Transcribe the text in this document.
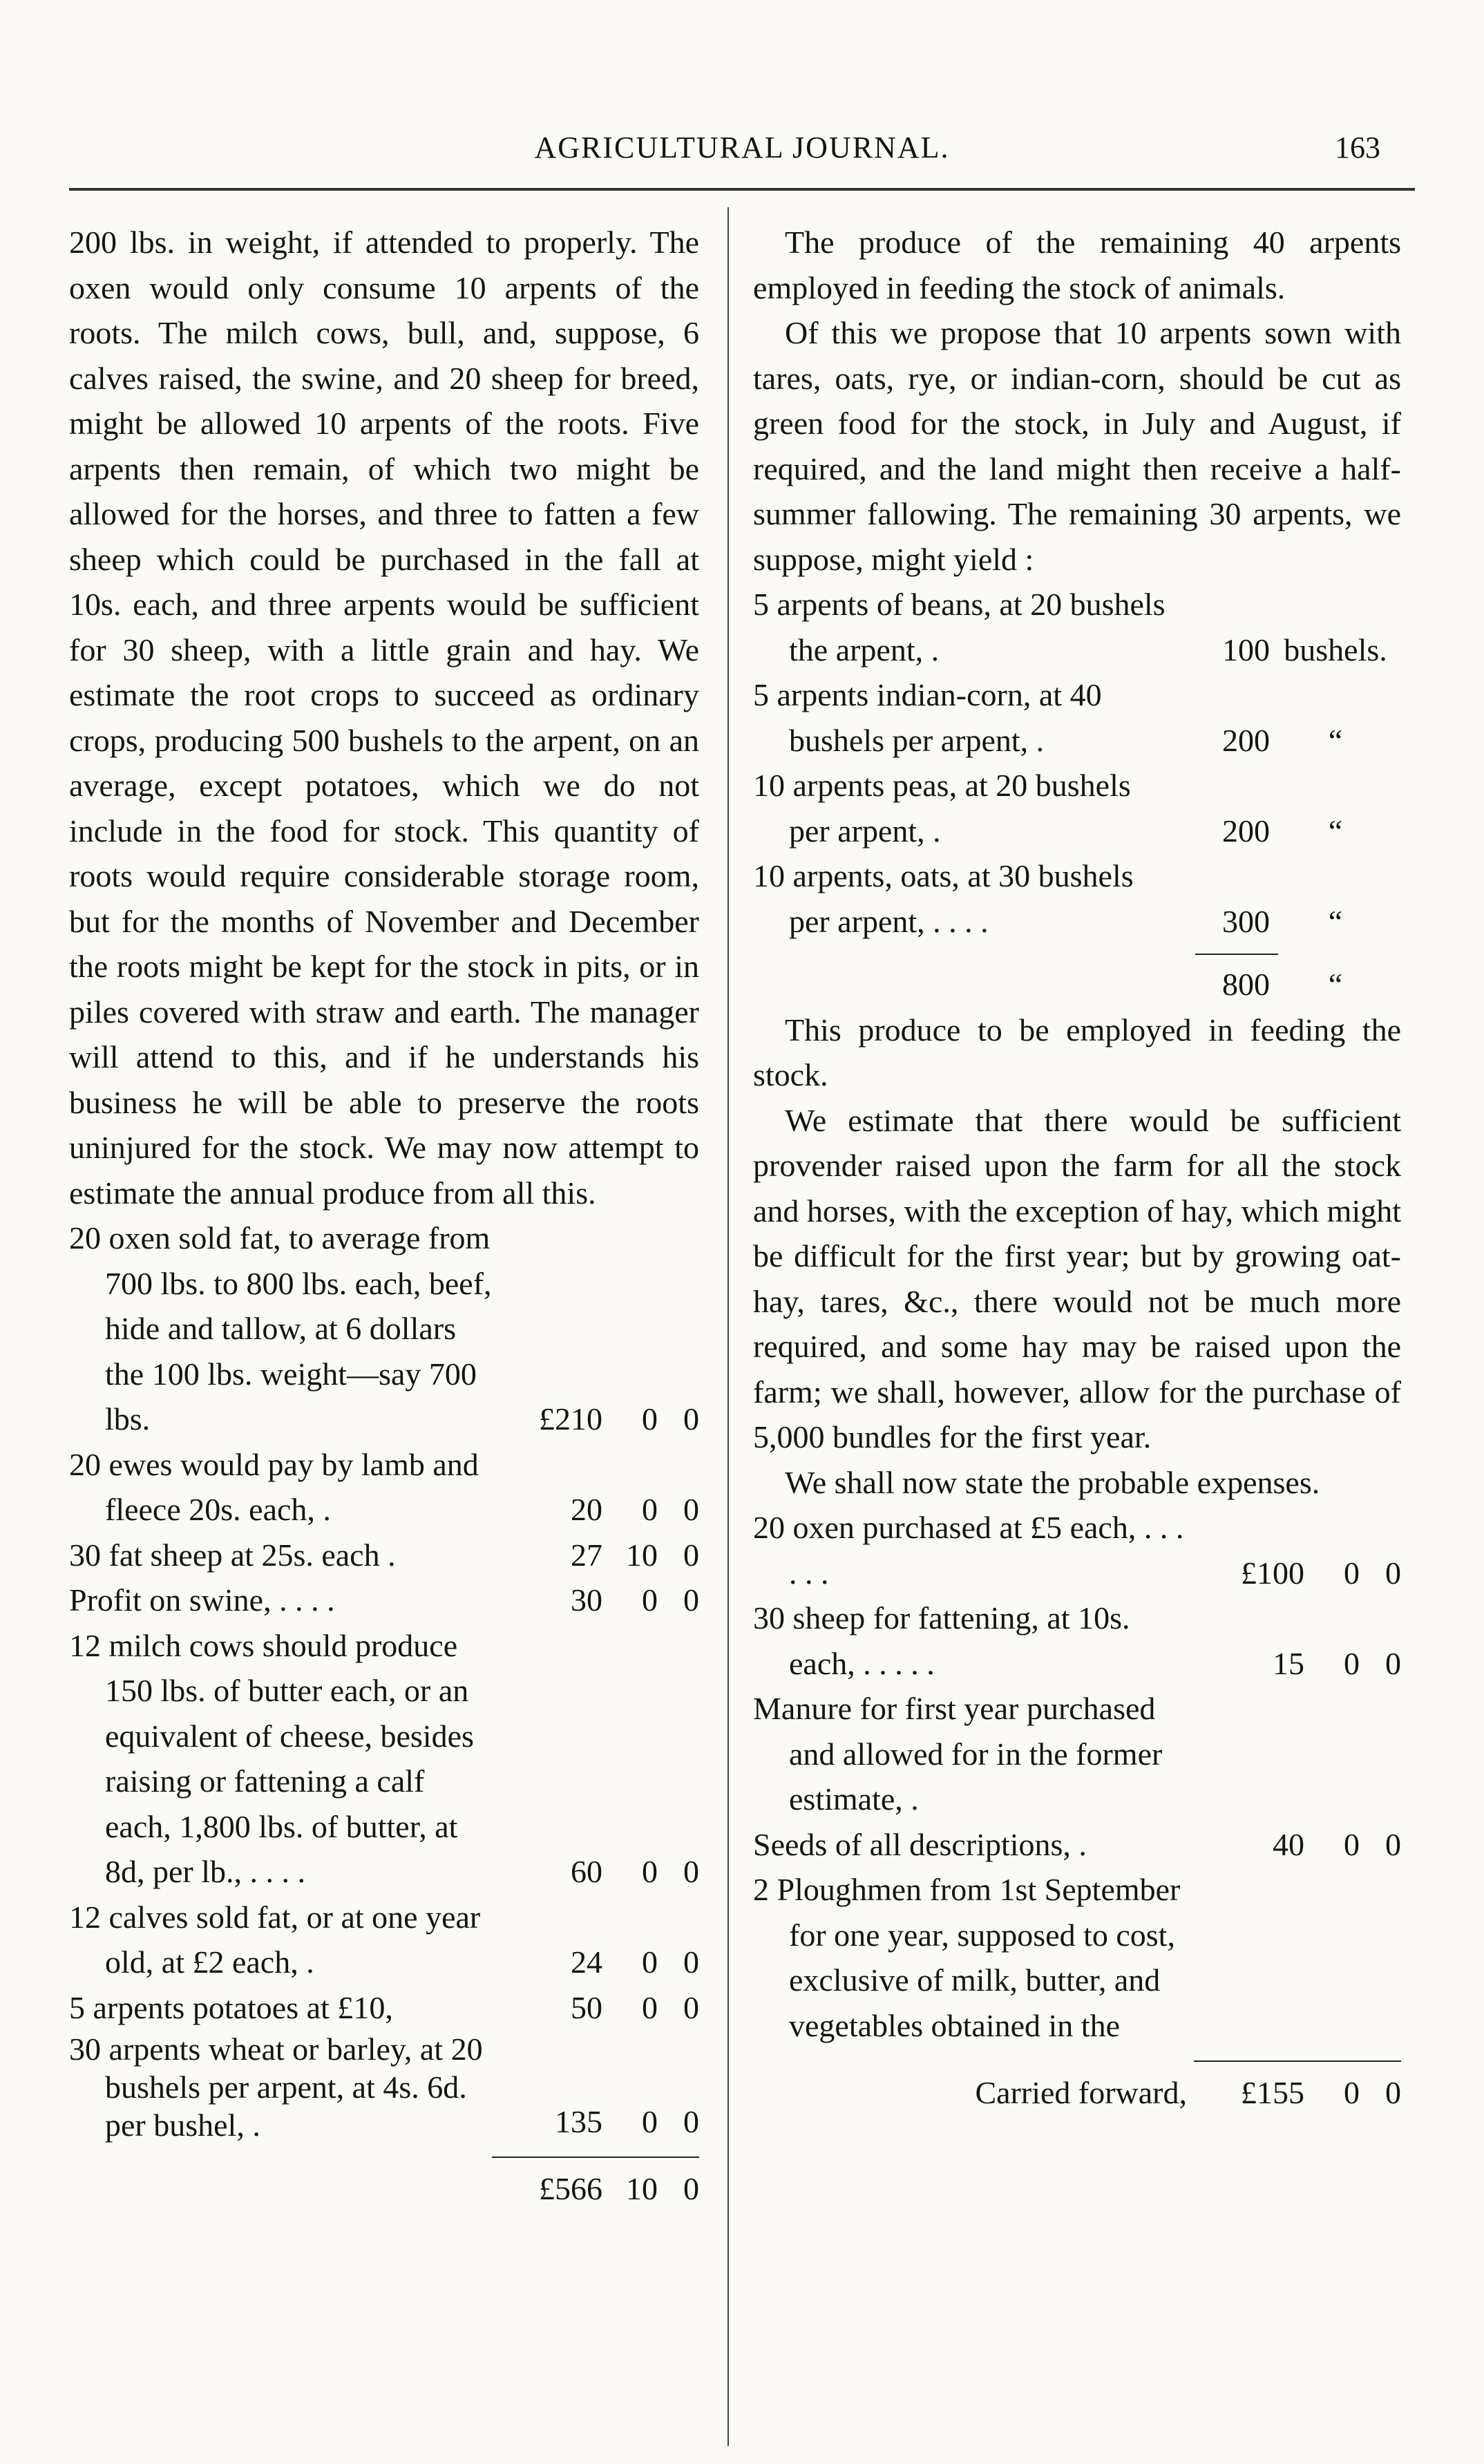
AGRICULTURAL JOURNAL.	163

200 lbs. in weight, if attended to properly. The oxen would only consume 10 arpents of the roots. The milch cows, bull, and, suppose, 6 calves raised, the swine, and 20 sheep for breed, might be allowed 10 arpents of the roots. Five arpents then remain, of which two might be allowed for the horses, and three to fatten a few sheep which could be purchased in the fall at 10s. each, and three arpents would be sufficient for 30 sheep, with a little grain and hay. We estimate the root crops to succeed as ordinary crops, producing 500 bushels to the arpent, on an average, except potatoes, which we do not include in the food for stock. This quantity of roots would require considerable storage room, but for the months of November and December the roots might be kept for the stock in pits, or in piles covered with straw and earth. The manager will attend to this, and if he understands his business he will be able to preserve the roots uninjured for the stock. We may now attempt to estimate the annual produce from all this.

20 oxen sold fat, to average from 700 lbs. to 800 lbs. each, beef, hide and tallow, at 6 dollars the 100 lbs. weight—say 700 lbs.	£210	0 0
20 ewes would pay by lamb and fleece 20s. each, .	20	0 0
30 fat sheep at 25s. each .	27 10 0
Profit on swine, . . . .	30	0 0
12 milch cows should produce 150 lbs. of butter each, or an equivalent of cheese, besides raising or fattening a calf each, 1,800 lbs. of butter, at 8d, per lb., . . . .	60	0 0
12 calves sold fat, or at one year old, at £2 each, .	24	0 0
5 arpents potatoes at £10,	50	0 0
30 arpents wheat or barley, at 20 bushels per arpent, at 4s. 6d. per bushel, .	135	0 0
£566 10 0

The produce of the remaining 40 arpents employed in feeding the stock of animals.

Of this we propose that 10 arpents sown with tares, oats, rye, or indian-corn, should be cut as green food for the stock, in July and August, if required, and the land might then receive a half-summer fallowing. The remaining 30 arpents, we suppose, might yield :

5 arpents of beans, at 20 bushels the arpent, .	100 bushels.
5 arpents indian-corn, at 40 bushels per arpent, .	200	“
10 arpents peas, at 20 bushels per arpent, .	200	“
10 arpents, oats, at 30 bushels per arpent, . . . .	300	“
800	“

This produce to be employed in feeding the stock.

We estimate that there would be sufficient provender raised upon the farm for all the stock and horses, with the exception of hay, which might be difficult for the first year; but by growing oat-hay, tares, &c., there would not be much more required, and some hay may be raised upon the farm; we shall, however, allow for the purchase of 5,000 bundles for the first year.

We shall now state the probable expenses.

20 oxen purchased at £5 each, . . . . . .	£100	0 0
30 sheep for fattening, at 10s. each, . . . . .	15	0 0
Manure for first year purchased and allowed for in the former estimate, .
Seeds of all descriptions, .	40	0 0
2 Ploughmen from 1st September for one year, supposed to cost, exclusive of milk, butter, and vegetables obtained in the
Carried forward,	£155	0 0
